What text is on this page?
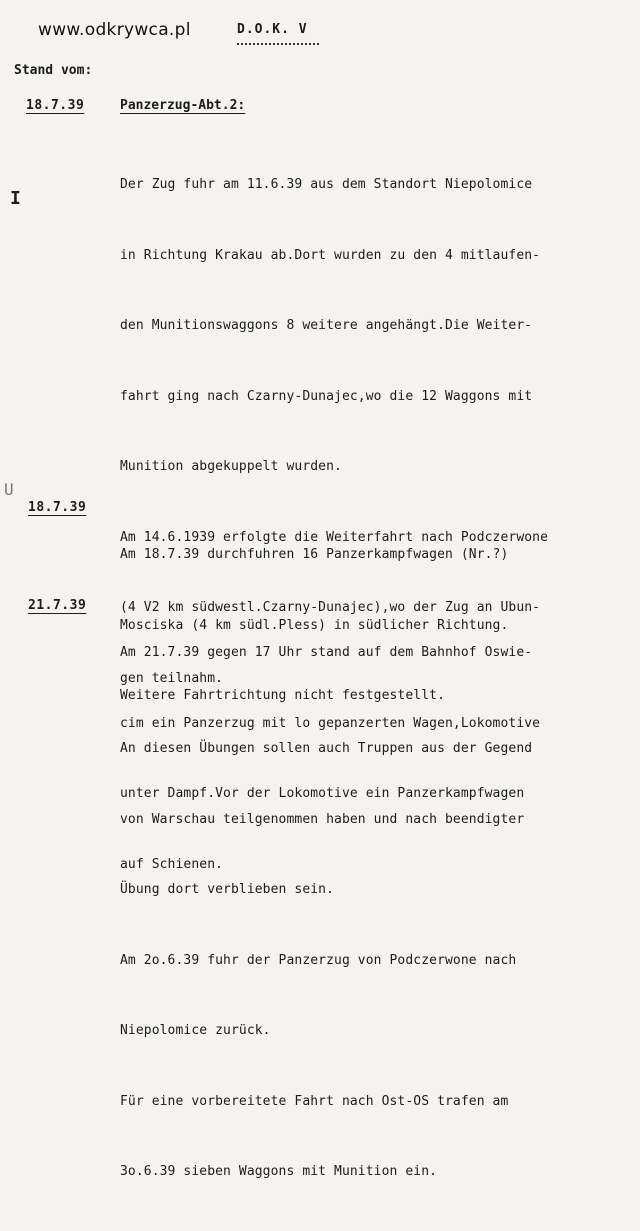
www.odkrywca.pl	D.O.K. V
Stand vom:
I
U
18.7.39	Panzerzug-Abt.2:

Der Zug fuhr am 11.6.39 aus dem Standort Niepolomice

in Richtung Krakau ab.Dort wurden zu den 4 mitlaufen-

den Munitionswaggons 8 weitere angehängt.Die Weiter-

fahrt ging nach Czarny-Dunajec,wo die 12 Waggons mit

Munition abgekuppelt wurden.

Am 14.6.1939 erfolgte die Weiterfahrt nach Podczerwone

(4 V2 km südwestl.Czarny-Dunajec),wo der Zug an Ubun-

gen teilnahm.

An diesen Übungen sollen auch Truppen aus der Gegend

von Warschau teilgenommen haben und nach beendigter

Übung dort verblieben sein.

Am 2o.6.39 fuhr der Panzerzug von Podczerwone nach

Niepolomice zurück.

Für eine vorbereitete Fahrt nach Ost-OS trafen am

3o.6.39 sieben Waggons mit Munition ein.

18.7.39

Am 18.7.39 durchfuhren 16 Panzerkampfwagen (Nr.?)

Mosciska (4 km südl.Pless) in südlicher Richtung.

Weitere Fahrtrichtung nicht festgestellt.

21.7.39

Am 21.7.39 gegen 17 Uhr stand auf dem Bahnhof Oswie-

cim ein Panzerzug mit lo gepanzerten Wagen,Lokomotive

unter Dampf.Vor der Lokomotive ein Panzerkampfwagen

auf Schienen.
